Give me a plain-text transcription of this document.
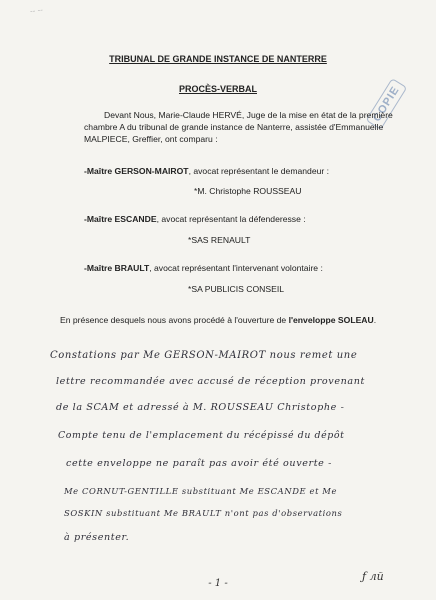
-- --
COPIE
TRIBUNAL DE GRANDE INSTANCE DE NANTERRE
PROCÈS-VERBAL
Devant Nous, Marie-Claude HERVÉ, Juge de la mise en état de la première
chambre A du tribunal de grande instance de Nanterre, assistée d'Emmanuelle
MALPIECE, Greffier, ont comparu :
-Maître GERSON-MAIROT, avocat représentant le demandeur :
*M. Christophe ROUSSEAU
-Maître ESCANDE, avocat représentant la défenderesse :
*SAS RENAULT
-Maître BRAULT, avocat représentant l'intervenant volontaire :
*SA PUBLICIS CONSEIL
En présence desquels nous avons procédé à l'ouverture de l'enveloppe SOLEAU.
Constations par Me GERSON-MAIROT nous remet une
lettre recommandée avec accusé de réception provenant
de la SCAM et adressé à M. ROUSSEAU Christophe -
Compte tenu de l'emplacement du récépissé du dépôt
cette enveloppe ne paraît pas avoir été ouverte -
Me CORNUT-GENTILLE substituant Me ESCANDE et Me
SOSKIN substituant Me BRAULT n'ont pas d'observations
à présenter.
- 1 -
ƒ лй
